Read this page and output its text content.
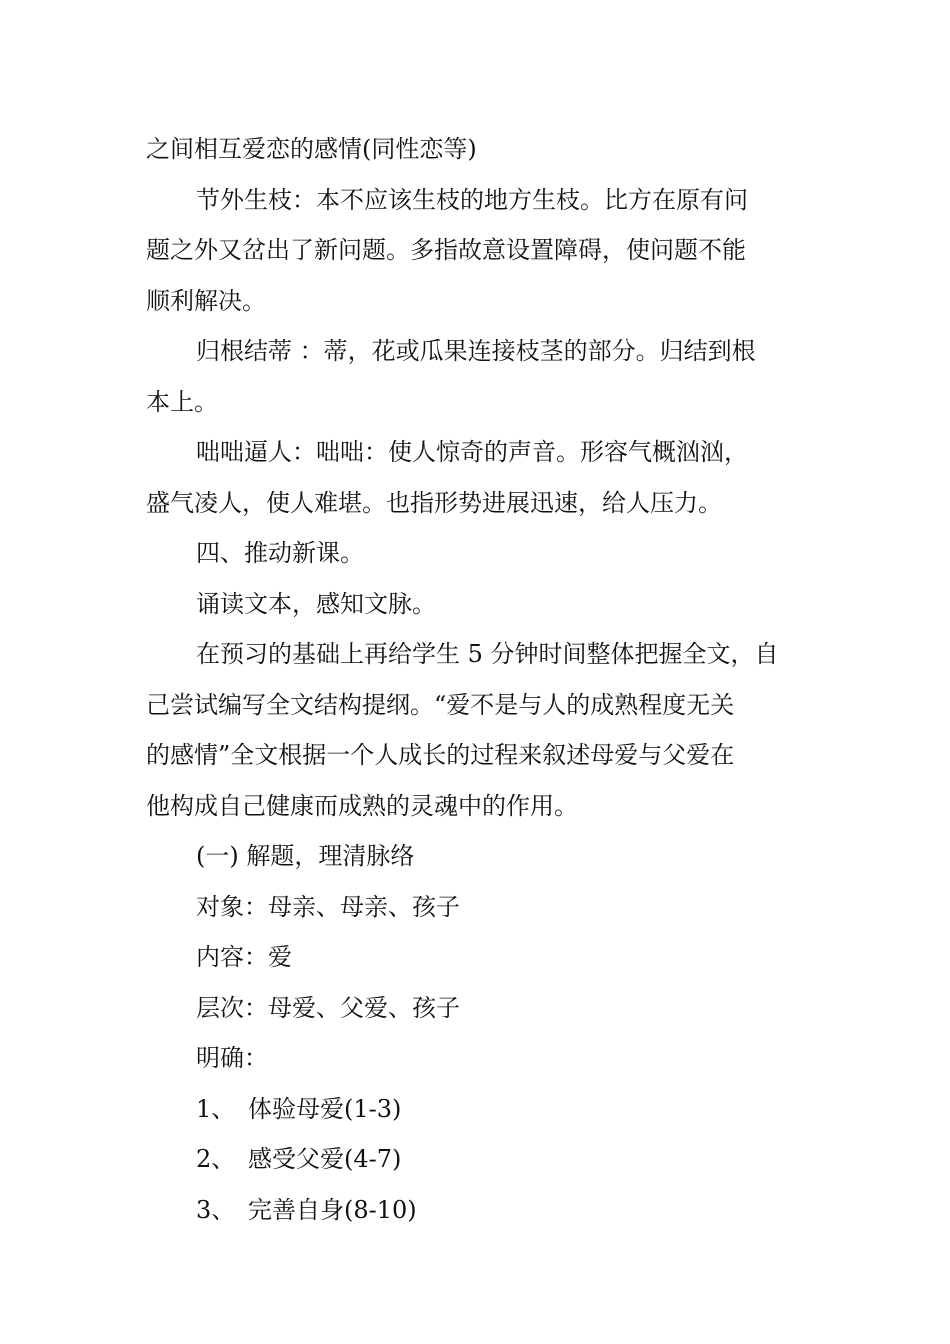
之间相互爱恋的感情(同性恋等)
节外生枝：本不应该生枝的地方生枝。比方在原有问
题之外又岔出了新问题。多指故意设置障碍，使问题不能
顺利解决。
归根结蒂 ：蒂，花或瓜果连接枝茎的部分。归结到根
本上。
咄咄逼人：咄咄：使人惊奇的声音。形容气概汹汹，
盛气凌人，使人难堪。也指形势进展迅速，给人压力。
四、推动新课。
诵读文本，感知文脉。
在预习的基础上再给学生 5 分钟时间整体把握全文，自
己尝试编写全文结构提纲。“爱不是与人的成熟程度无关
的感情”全文根据一个人成长的过程来叙述母爱与父爱在
他构成自己健康而成熟的灵魂中的作用。
(一) 解题，理清脉络
对象：母亲、母亲、孩子
内容：爱
层次：母爱、父爱、孩子
明确：
1、 体验母爱(1-3)
2、 感受父爱(4-7)
3、 完善自身(8-10)
